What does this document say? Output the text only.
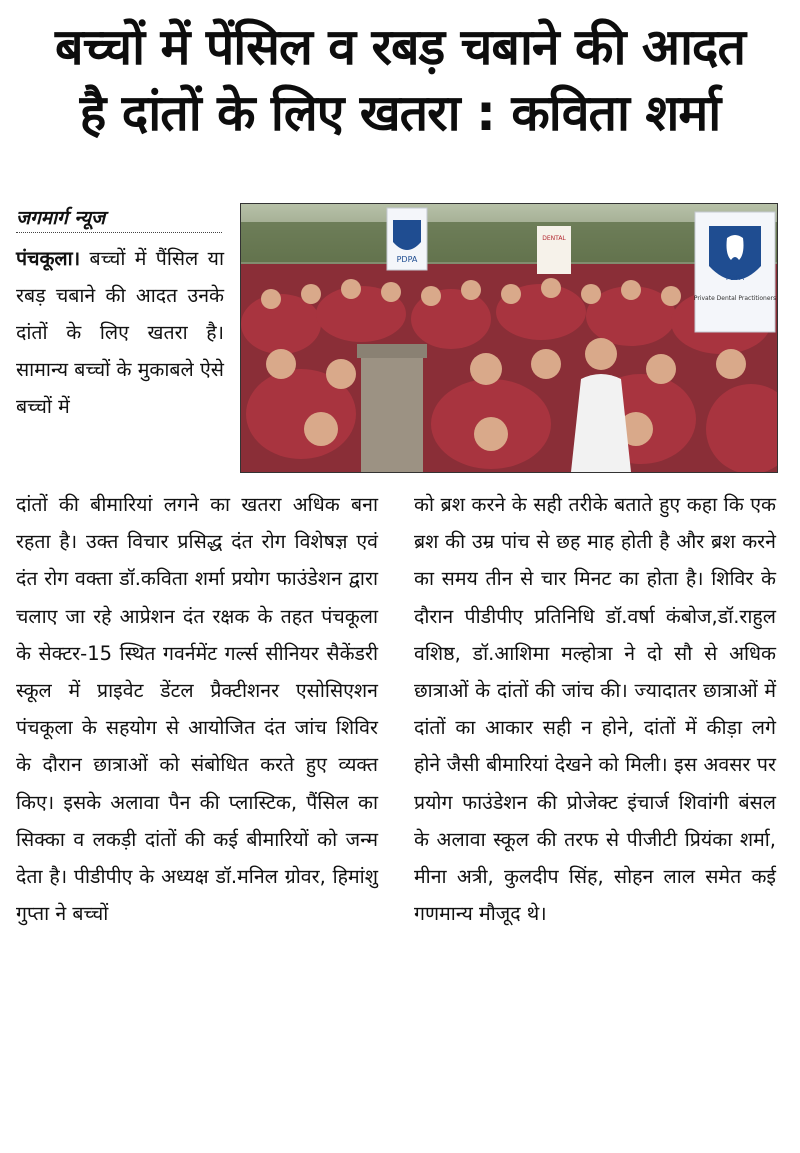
बच्चों में पेंसिल व रबड़ चबाने की आदत
है दांतों के लिए खतरा : कविता शर्मा
जगमार्ग न्यूज
पंचकूला। बच्चों में पैंसिल या रबड़ चबाने की आदत उनके दांतों के लिए खतरा है। सामान्य बच्चों के मुकाबले ऐसे बच्चों में
PDPA
DENTAL
PDPA
Private Dental Practitioners
दांतों की बीमारियां लगने का खतरा अधिक बना रहता है। उक्त विचार प्रसिद्ध दंत रोग विशेषज्ञ एवं दंत रोग वक्ता डॉ.कविता शर्मा प्रयोग फाउंडेशन द्वारा चलाए जा रहे आप्रेशन दंत रक्षक के तहत पंचकूला के सेक्टर-15 स्थित गवर्नमेंट गर्ल्स सीनियर सैकेंडरी स्कूल में प्राइवेट डेंटल प्रैक्टीशनर एसोसिएशन पंचकूला के सहयोग से आयोजित दंत जांच शिविर के दौरान छात्राओं को संबोधित करते हुए व्यक्त किए। इसके अलावा पैन की प्लास्टिक, पैंसिल का सिक्का व लकड़ी दांतों की कई बीमारियों को जन्म देता है। पीडीपीए के अध्यक्ष डॉ.मनिल ग्रोवर, हिमांशु गुप्ता ने बच्चों
को ब्रश करने के सही तरीके बताते हुए कहा कि एक ब्रश की उम्र पांच से छह माह होती है और ब्रश करने का समय तीन से चार मिनट का होता है। शिविर के दौरान पीडीपीए प्रतिनिधि डॉ.वर्षा कंबोज,डॉ.राहुल वशिष्ठ, डॉ.आशिमा मल्होत्रा ने दो सौ से अधिक छात्राओं के दांतों की जांच की। ज्यादातर छात्राओं में दांतों का आकार सही न होने, दांतों में कीड़ा लगे होने जैसी बीमारियां देखने को मिली। इस अवसर पर प्रयोग फाउंडेशन की प्रोजेक्ट इंचार्ज शिवांगी बंसल के अलावा स्कूल की तरफ से पीजीटी प्रियंका शर्मा, मीना अत्री, कुलदीप सिंह, सोहन लाल समेत कई गणमान्य मौजूद थे।
